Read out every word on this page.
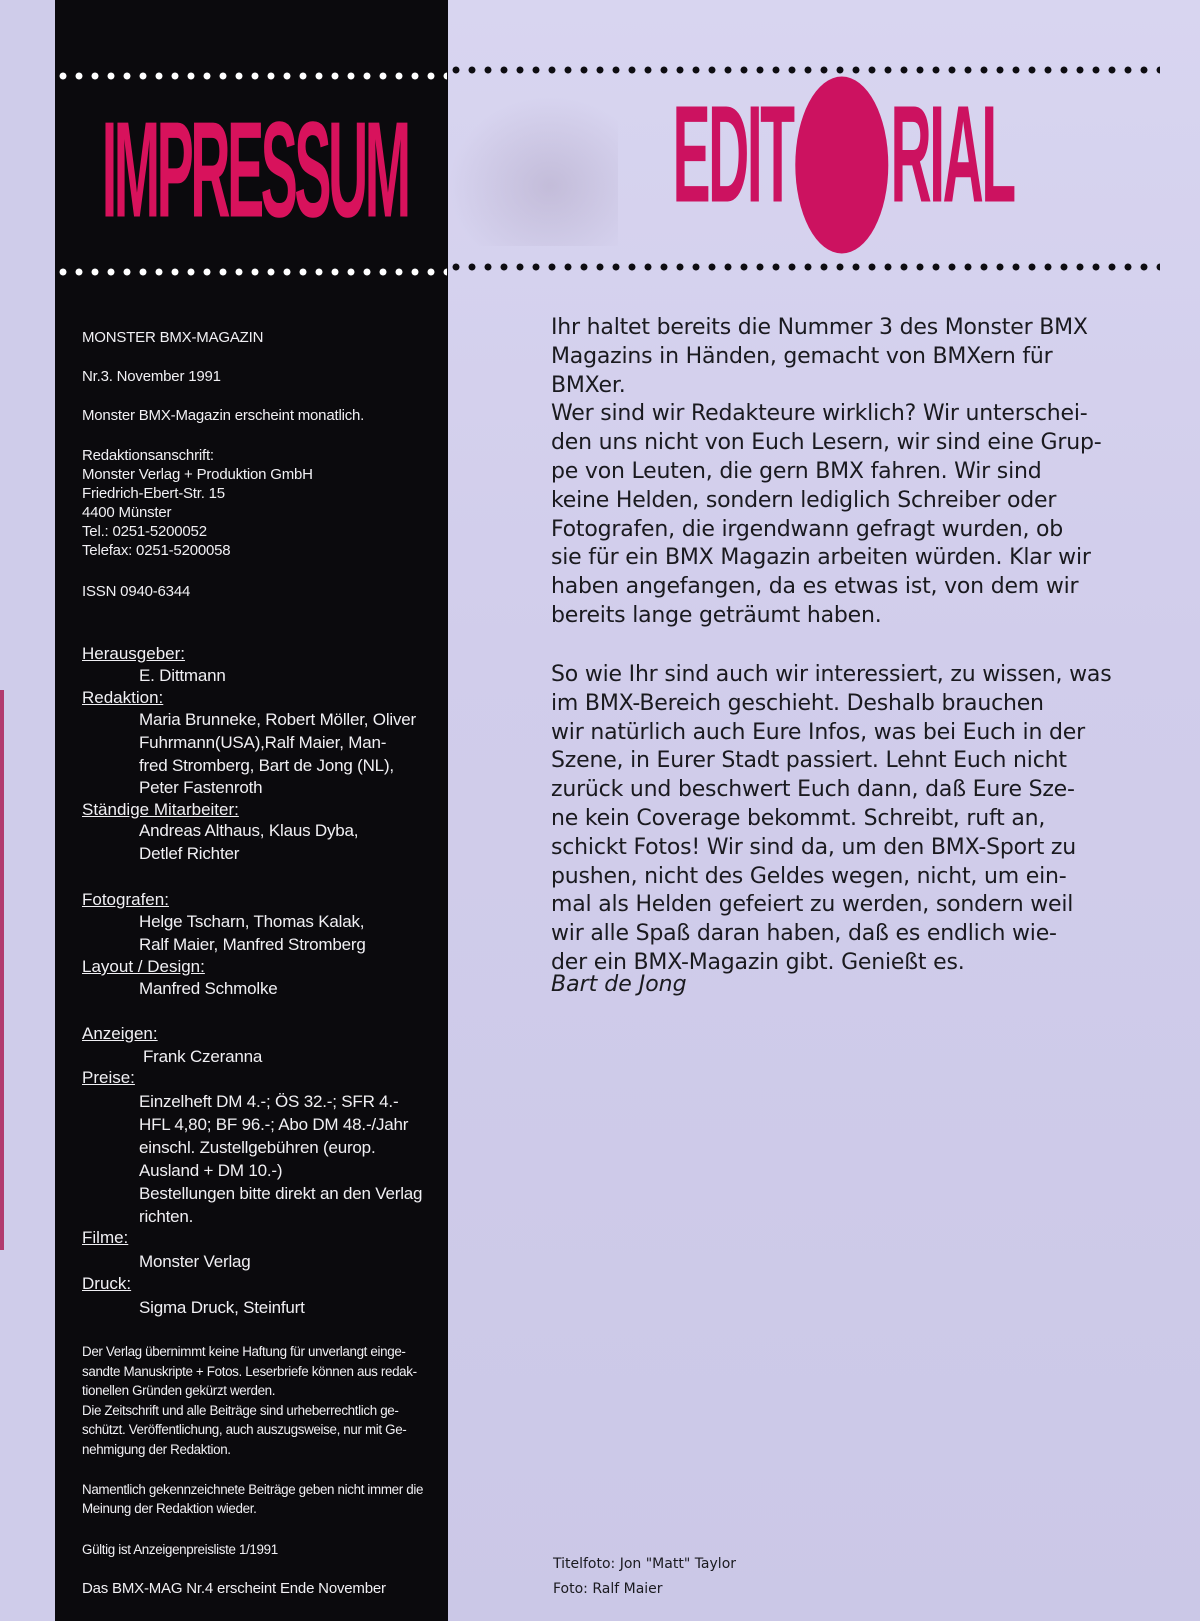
IMPRESSUM
MONSTER BMX-MAGAZIN
Nr.3. November 1991
Monster BMX-Magazin erscheint monatlich.
Redaktionsanschrift:
Monster Verlag + Produktion GmbH
Friedrich-Ebert-Str. 15
4400 Münster
Tel.: 0251-5200052
Telefax: 0251-5200058
ISSN 0940-6344
Herausgeber:
E. Dittmann
Redaktion:
Maria Brunneke, Robert Möller, Oliver
Fuhrmann(USA),Ralf Maier, Man-
fred Stromberg, Bart de Jong (NL),
Peter Fastenroth
Ständige Mitarbeiter:
Andreas Althaus, Klaus Dyba,
Detlef Richter
Fotografen:
Helge Tscharn, Thomas Kalak,
Ralf Maier, Manfred Stromberg
Layout / Design:
Manfred Schmolke
Anzeigen:
Frank Czeranna
Preise:
Einzelheft DM 4.-; ÖS 32.-; SFR 4.-
HFL 4,80; BF 96.-; Abo DM 48.-/Jahr
einschl. Zustellgebühren (europ.
Ausland + DM 10.-)
Bestellungen bitte direkt an den Verlag
richten.
Filme:
Monster Verlag
Druck:
Sigma Druck, Steinfurt
Der Verlag übernimmt keine Haftung für unverlangt einge-
sandte Manuskripte + Fotos. Leserbriefe können aus redak-
tionellen Gründen gekürzt werden.
Die Zeitschrift und alle Beiträge sind urheberrechtlich ge-
schützt. Veröffentlichung, auch auszugsweise, nur mit Ge-
nehmigung der Redaktion.
Namentlich gekennzeichnete Beiträge geben nicht immer die
Meinung der Redaktion wieder.
Gültig ist Anzeigenpreisliste 1/1991
Das BMX-MAG Nr.4 erscheint Ende November
EDIT RIAL
Ihr haltet bereits die Nummer 3 des Monster BMX
Magazins in Händen, gemacht von BMXern für
BMXer.
Wer sind wir Redakteure wirklich? Wir unterschei-
den uns nicht von Euch Lesern, wir sind eine Grup-
pe von Leuten, die gern BMX fahren. Wir sind
keine Helden, sondern lediglich Schreiber oder
Fotografen, die irgendwann gefragt wurden, ob
sie für ein BMX Magazin arbeiten würden. Klar wir
haben angefangen, da es etwas ist, von dem wir
bereits lange geträumt haben.
So wie Ihr sind auch wir interessiert, zu wissen, was
im BMX-Bereich geschieht. Deshalb brauchen
wir natürlich auch Eure Infos, was bei Euch in der
Szene, in Eurer Stadt passiert. Lehnt Euch nicht
zurück und beschwert Euch dann, daß Eure Sze-
ne kein Coverage bekommt. Schreibt, ruft an,
schickt Fotos! Wir sind da, um den BMX-Sport zu
pushen, nicht des Geldes wegen, nicht, um ein-
mal als Helden gefeiert zu werden, sondern weil
wir alle Spaß daran haben, daß es endlich wie-
der ein BMX-Magazin gibt. Genießt es.
Bart de Jong
Titelfoto: Jon "Matt" Taylor
Foto: Ralf Maier
